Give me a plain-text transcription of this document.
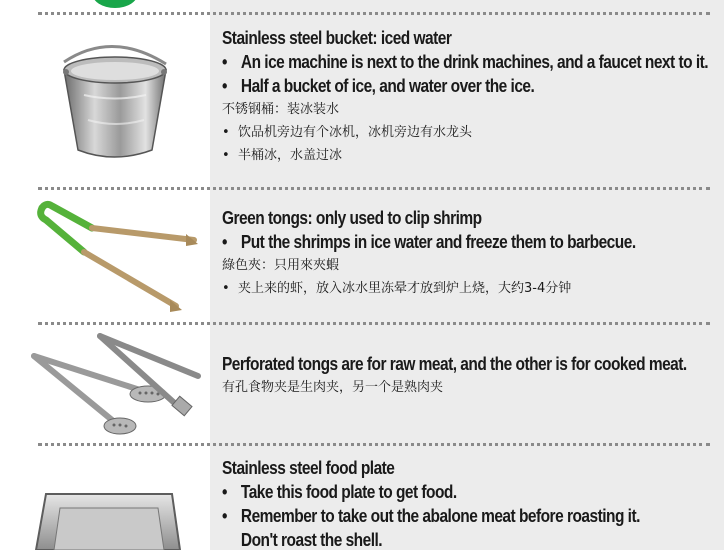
Stainless steel bucket: iced water
• An ice machine is next to the drink machines, and a faucet next to it.
• Half a bucket of ice, and water over the ice.
不锈钢桶：装冰装水
• 饮品机旁边有个冰机，冰机旁边有水龙头
• 半桶冰，水盖过冰
Green tongs: only used to clip shrimp
• Put the shrimps in ice water and freeze them to barbecue.
綠色夾：只用來夾蝦
• 夹上来的虾，放入冰水里冻晕才放到炉上烧，大约3-4分钟
Perforated tongs are for raw meat, and the other is for cooked meat.
有孔食物夹是生肉夹，另一个是熟肉夹
Stainless steel food plate
• Take this food plate to get food.
• Remember to take out the abalone meat before roasting it.
Don't roast the shell.
